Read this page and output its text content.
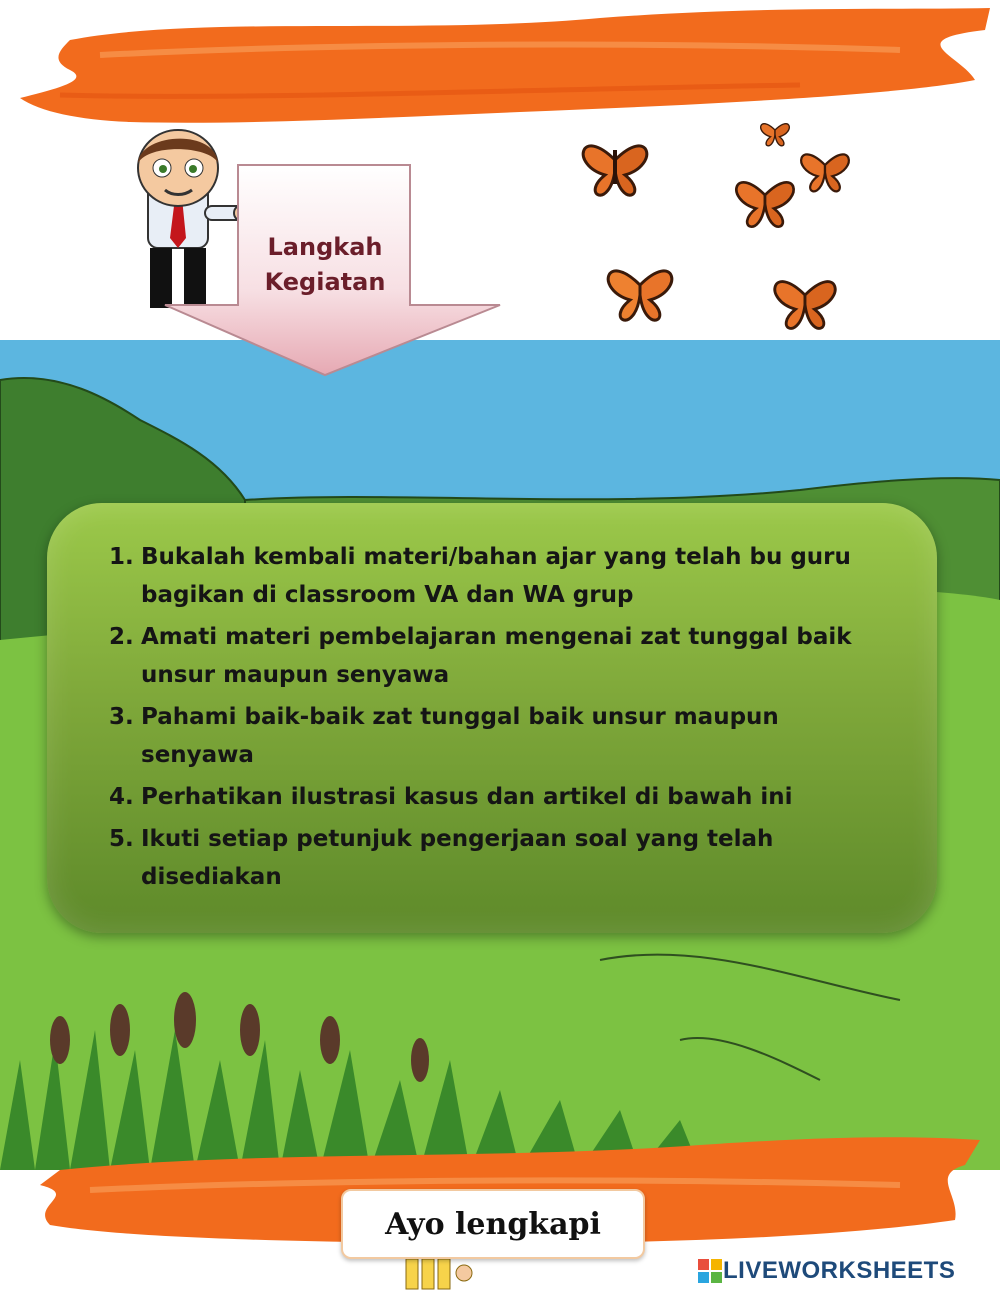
Langkah
Kegiatan
1. Bukalah kembali materi/bahan ajar yang telah bu guru bagikan di classroom VA dan WA grup
2. Amati materi pembelajaran mengenai zat tunggal baik unsur maupun senyawa
3. Pahami baik-baik zat tunggal baik unsur maupun senyawa
4. Perhatikan ilustrasi kasus dan artikel di bawah ini
5. Ikuti setiap petunjuk pengerjaan soal yang telah disediakan
Ayo lengkapi
LIVEWORKSHEETS
